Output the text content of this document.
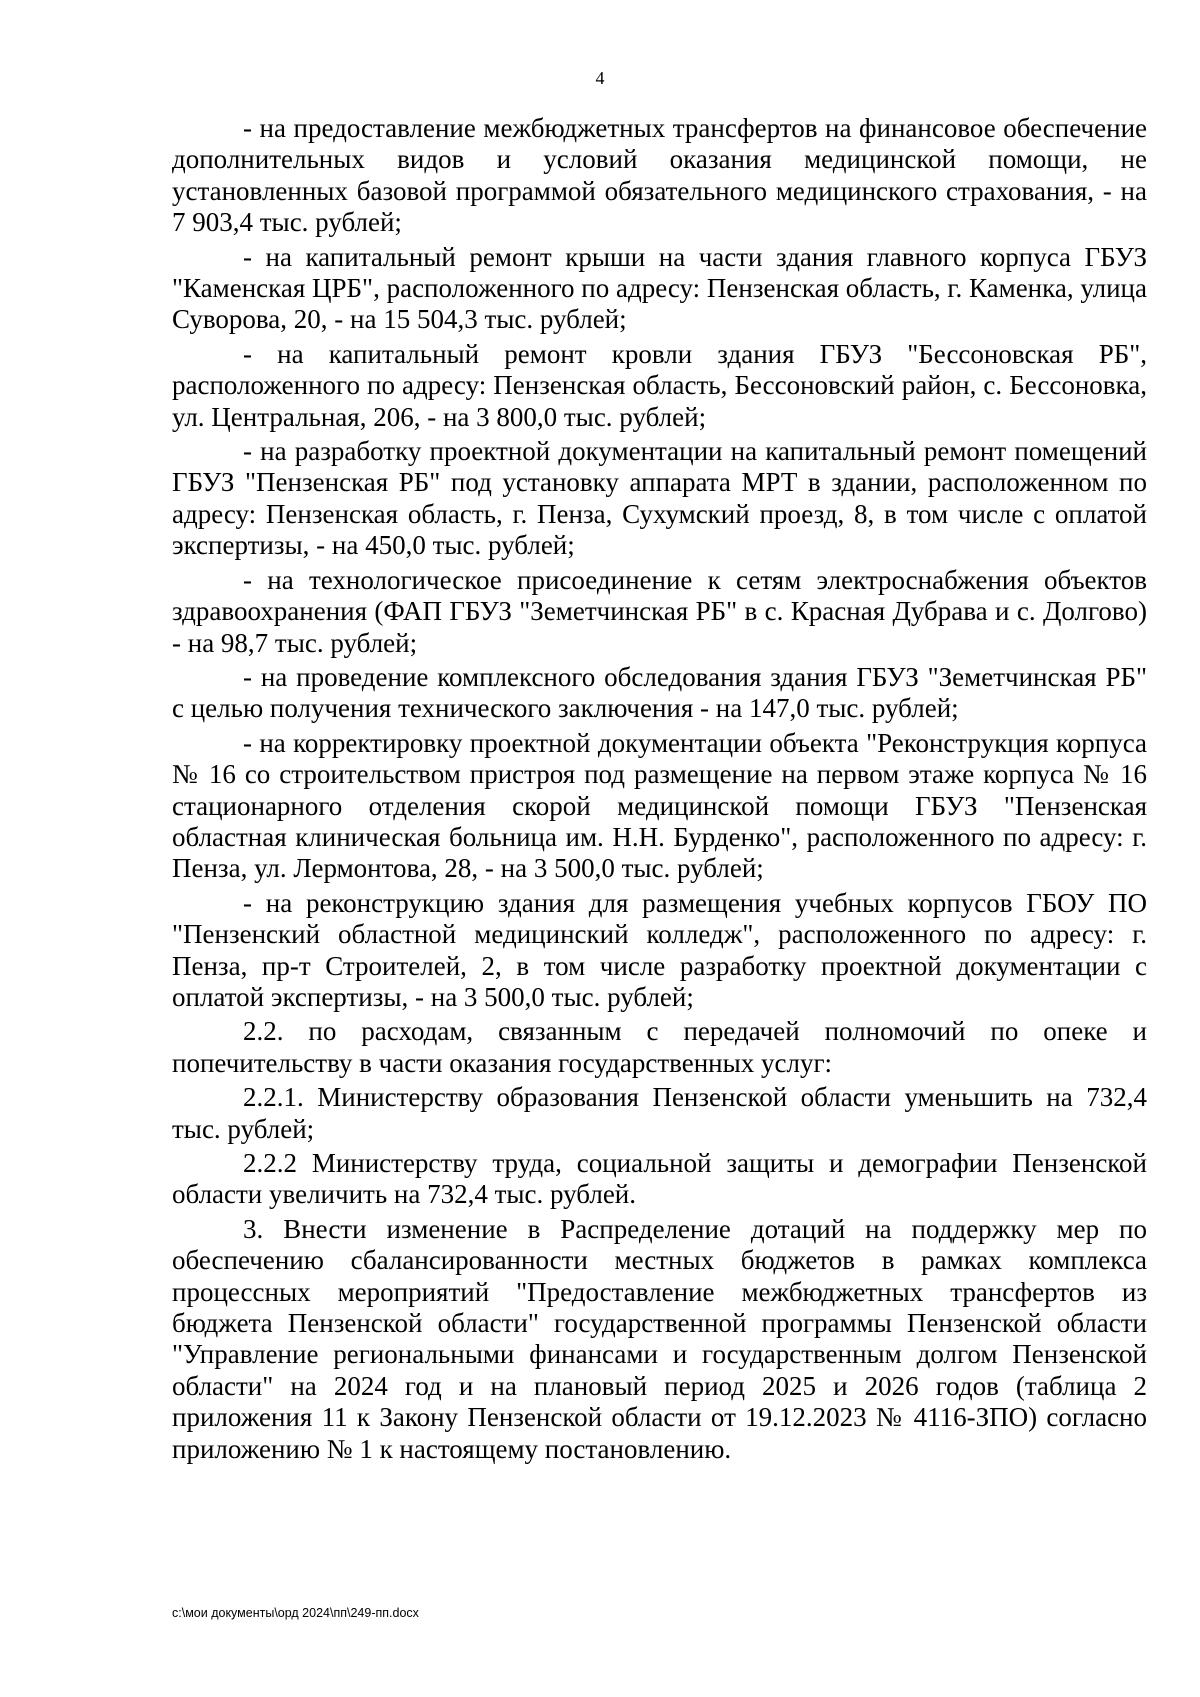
4

- на предоставление межбюджетных трансфертов на финансовое обеспечение дополнительных видов и условий оказания медицинской помощи, не установленных базовой программой обязательного медицинского страхования, - на 7 903,4 тыс. рублей;

- на капитальный ремонт крыши на части здания главного корпуса ГБУЗ "Каменская ЦРБ", расположенного по адресу: Пензенская область, г. Каменка, улица Суворова, 20, - на 15 504,3 тыс. рублей;

- на капитальный ремонт кровли здания ГБУЗ "Бессоновская РБ", расположенного по адресу: Пензенская область, Бессоновский район, с. Бессоновка, ул. Центральная, 206, - на 3 800,0 тыс. рублей;

- на разработку проектной документации на капитальный ремонт помещений ГБУЗ "Пензенская РБ" под установку аппарата МРТ в здании, расположенном по адресу: Пензенская область, г. Пенза, Сухумский проезд, 8, в том числе с оплатой экспертизы, - на 450,0 тыс. рублей;

- на технологическое присоединение к сетям электроснабжения объектов здравоохранения (ФАП ГБУЗ "Земетчинская РБ" в с. Красная Дубрава и с. Долгово) - на 98,7 тыс. рублей;

- на проведение комплексного обследования здания ГБУЗ "Земетчинская РБ" с целью получения технического заключения - на 147,0 тыс. рублей;

- на корректировку проектной документации объекта "Реконструкция корпуса № 16 со строительством пристроя под размещение на первом этаже корпуса № 16 стационарного отделения скорой медицинской помощи ГБУЗ "Пензенская областная клиническая больница им. Н.Н. Бурденко", расположенного по адресу: г. Пенза, ул. Лермонтова, 28, - на 3 500,0 тыс. рублей;

- на реконструкцию здания для размещения учебных корпусов ГБОУ ПО "Пензенский областной медицинский колледж", расположенного по адресу: г. Пенза, пр-т Строителей, 2, в том числе разработку проектной документации с оплатой экспертизы, - на 3 500,0 тыс. рублей;

2.2. по расходам, связанным с передачей полномочий по опеке и попечительству в части оказания государственных услуг:

2.2.1. Министерству образования Пензенской области уменьшить на 732,4 тыс. рублей;

2.2.2 Министерству труда, социальной защиты и демографии Пензенской области увеличить на 732,4 тыс. рублей.

3. Внести изменение в Распределение дотаций на поддержку мер по обеспечению сбалансированности местных бюджетов в рамках комплекса процессных мероприятий "Предоставление межбюджетных трансфертов из бюджета Пензенской области" государственной программы Пензенской области "Управление региональными финансами и государственным долгом Пензенской области" на 2024 год и на плановый период 2025 и 2026 годов (таблица 2 приложения 11 к Закону Пензенской области от 19.12.2023 № 4116-ЗПО) согласно приложению № 1 к настоящему постановлению.

c:\мои документы\орд 2024\пп\249-пп.docx
